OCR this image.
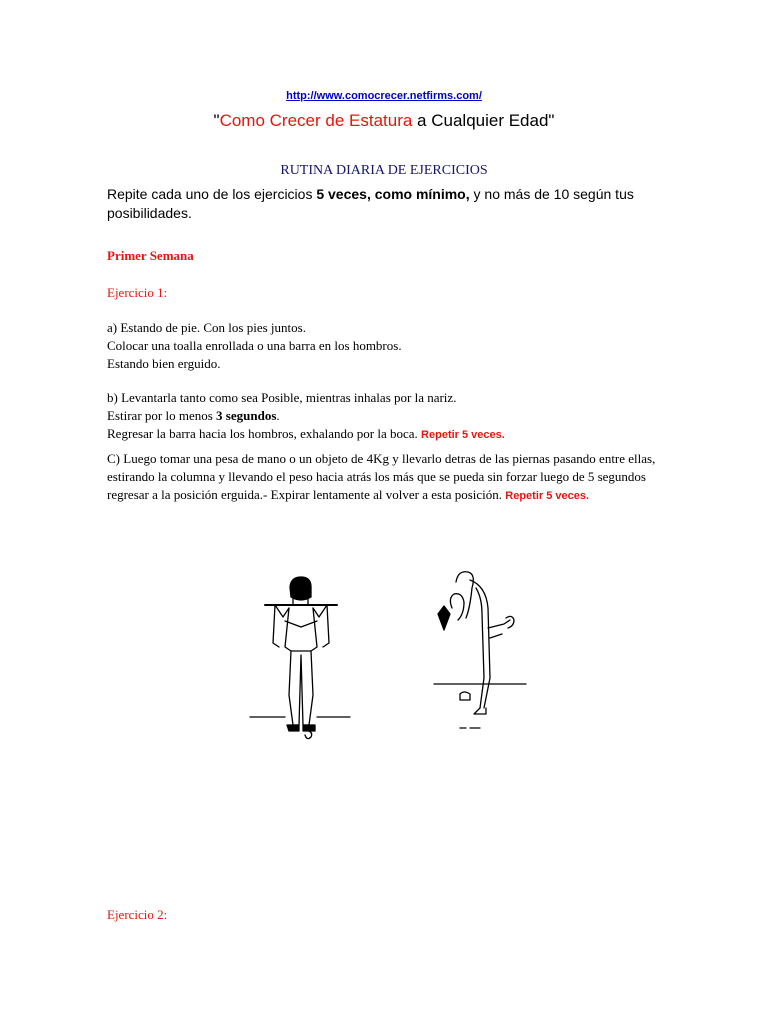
http://www.comocrecer.netfirms.com/
"Como Crecer de Estatura a Cualquier Edad"
RUTINA DIARIA DE EJERCICIOS
Repite cada uno de los ejercicios 5 veces, como mínimo, y no más de 10 según tus posibilidades.
Primer Semana
Ejercicio 1:
a) Estando de pie. Con los pies juntos.
Colocar una toalla enrollada o una barra en los hombros.
Estando bien erguido.
b) Levantarla tanto como sea Posible, mientras inhalas por la nariz.
Estirar por lo menos 3 segundos.
Regresar la barra hacia los hombros, exhalando por la boca. Repetir 5 veces.
C) Luego tomar una pesa de mano o un objeto de 4Kg y llevarlo detras de las piernas pasando entre ellas, estirando la columna y llevando el peso hacia atrás los más que se pueda sin forzar luego de 5 segundos regresar a la posición erguida.- Expirar lentamente al volver a esta posición. Repetir 5 veces.
Ejercicio 2:
